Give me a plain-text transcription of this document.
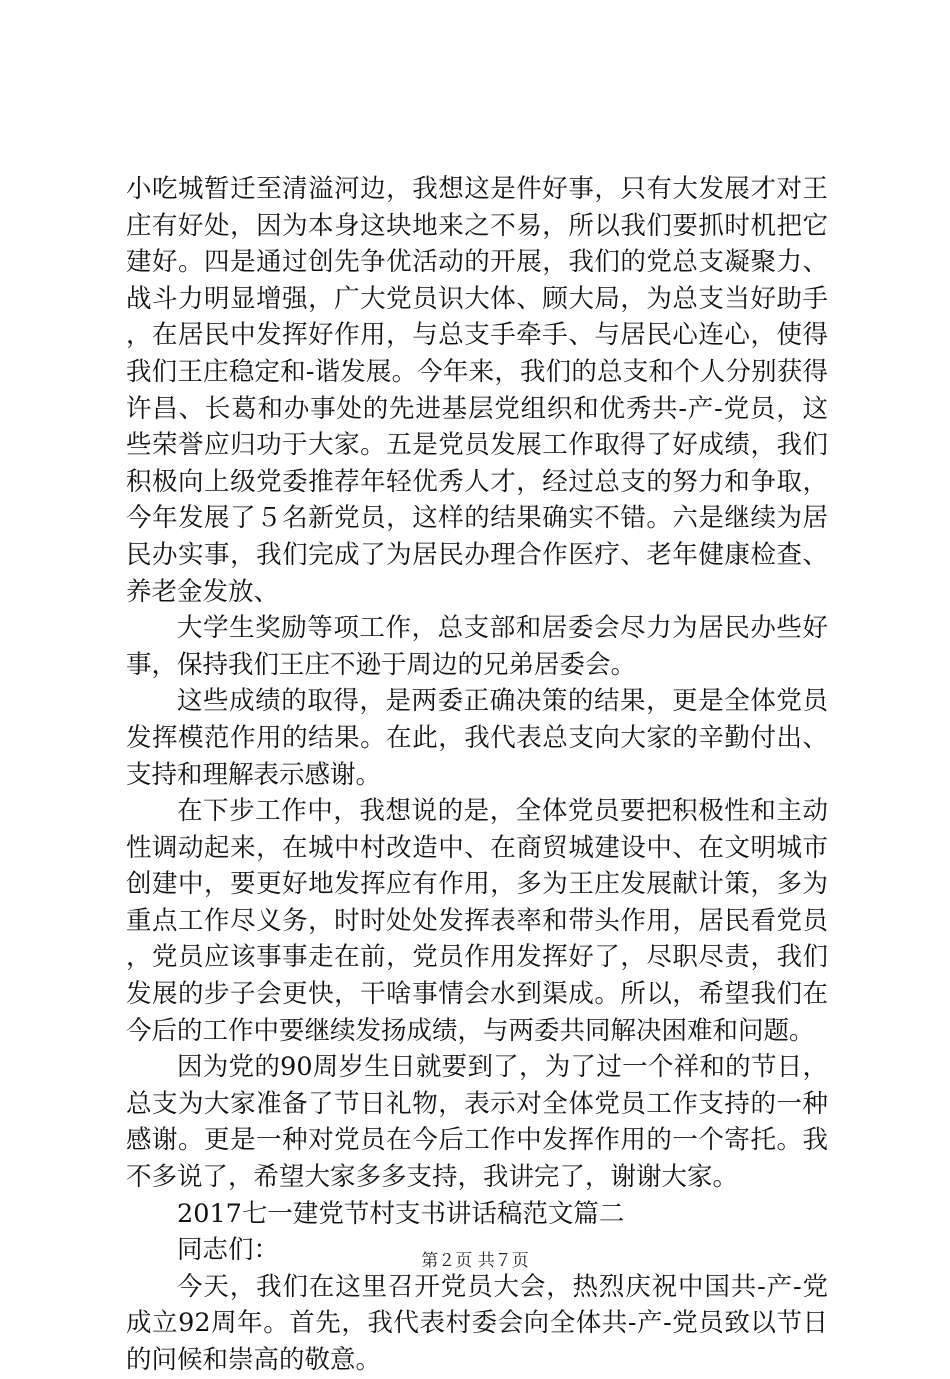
小吃城暂迁至清溢河边，我想这是件好事，只有大发展才对王庄有好处，因为本身这块地来之不易，所以我们要抓时机把它建好。四是通过创先争优活动的开展，我们的党总支凝聚力、战斗力明显增强，广大党员识大体、顾大局，为总支当好助手，在居民中发挥好作用，与总支手牵手、与居民心连心，使得我们王庄稳定和-谐发展。今年来，我们的总支和个人分别获得许昌、长葛和办事处的先进基层党组织和优秀共-产-党员，这些荣誉应归功于大家。五是党员发展工作取得了好成绩，我们积极向上级党委推荐年轻优秀人才，经过总支的努力和争取，今年发展了５名新党员，这样的结果确实不错。六是继续为居民办实事，我们完成了为居民办理合作医疗、老年健康检查、养老金发放、

大学生奖励等项工作，总支部和居委会尽力为居民办些好事，保持我们王庄不逊于周边的兄弟居委会。

这些成绩的取得，是两委正确决策的结果，更是全体党员发挥模范作用的结果。在此，我代表总支向大家的辛勤付出、支持和理解表示感谢。

在下步工作中，我想说的是，全体党员要把积极性和主动性调动起来，在城中村改造中、在商贸城建设中、在文明城市创建中，要更好地发挥应有作用，多为王庄发展献计策，多为重点工作尽义务，时时处处发挥表率和带头作用，居民看党员，党员应该事事走在前，党员作用发挥好了，尽职尽责，我们发展的步子会更快，干啥事情会水到渠成。所以，希望我们在今后的工作中要继续发扬成绩，与两委共同解决困难和问题。

因为党的90周岁生日就要到了，为了过一个祥和的节日，总支为大家准备了节日礼物，表示对全体党员工作支持的一种感谢。更是一种对党员在今后工作中发挥作用的一个寄托。我不多说了，希望大家多多支持，我讲完了，谢谢大家。

2017七一建党节村支书讲话稿范文篇二

同志们：

今天，我们在这里召开党员大会，热烈庆祝中国共-产-党成立92周年。首先，我代表村委会向全体共-产-党员致以节日的问候和崇高的敬意。

第２页 共７页
